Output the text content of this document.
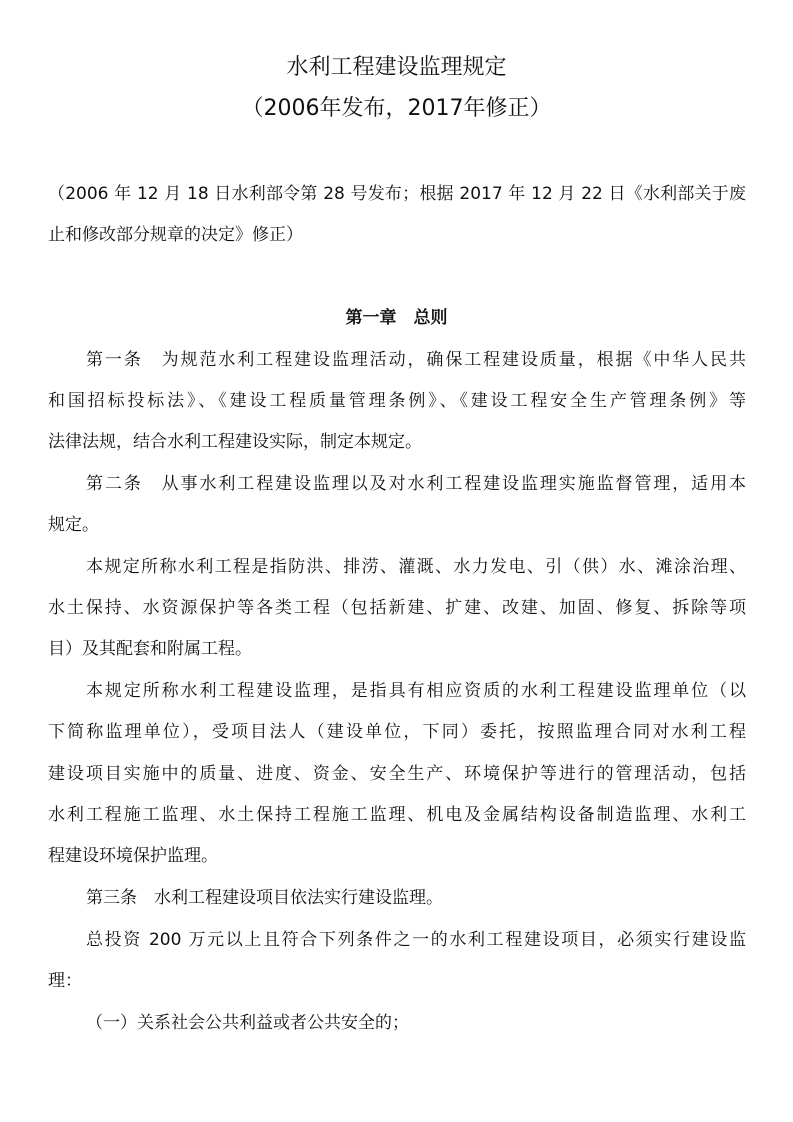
水利工程建设监理规定
（2006年发布，2017年修正）
（2006 年 12 月 18 日水利部令第 28 号发布；根据 2017 年 12 月 22 日《水利部关于废
止和修改部分规章的决定》修正）
第一章　总则
第一条　为规范水利工程建设监理活动，确保工程建设质量，根据《中华人民共
和国招标投标法》、《建设工程质量管理条例》、《建设工程安全生产管理条例》等
法律法规，结合水利工程建设实际，制定本规定。
第二条　从事水利工程建设监理以及对水利工程建设监理实施监督管理，适用本
规定。
本规定所称水利工程是指防洪、排涝、灌溉、水力发电、引（供）水、滩涂治理、
水土保持、水资源保护等各类工程（包括新建、扩建、改建、加固、修复、拆除等项
目）及其配套和附属工程。
本规定所称水利工程建设监理，是指具有相应资质的水利工程建设监理单位（以
下简称监理单位），受项目法人（建设单位，下同）委托，按照监理合同对水利工程
建设项目实施中的质量、进度、资金、安全生产、环境保护等进行的管理活动，包括
水利工程施工监理、水土保持工程施工监理、机电及金属结构设备制造监理、水利工
程建设环境保护监理。
第三条　水利工程建设项目依法实行建设监理。
总投资 200 万元以上且符合下列条件之一的水利工程建设项目，必须实行建设监
理：
（一）关系社会公共利益或者公共安全的；
